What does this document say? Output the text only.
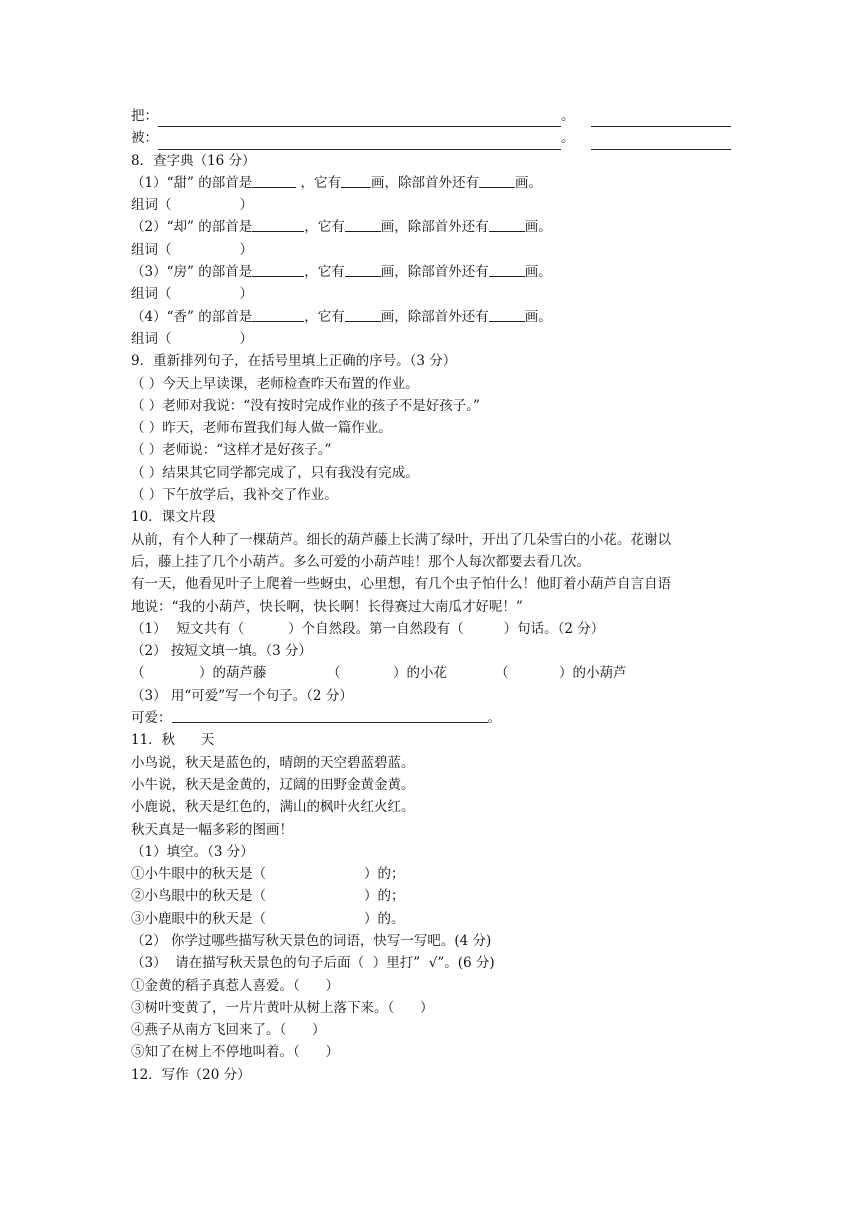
把：	。
被：	。
8．查字典（16 分）
（1）“甜” 的部首是	，它有 画，除部首外还有	画。
组词（	）
（2）“却” 的部首是	，它有	画，除部首外还有	画。
组词（	）
（3）“房” 的部首是	，它有	画，除部首外还有	画。
组词（	）
（4）“香” 的部首是	，它有	画，除部首外还有	画。
组词（	）
9．重新排列句子，在括号里填上正确的序号。（3 分）
（ ）今天上早读课，老师检查昨天布置的作业。
（ ）老师对我说：“没有按时完成作业的孩子不是好孩子。”
（ ）昨天，老师布置我们每人做一篇作业。
（ ）老师说：“这样才是好孩子。”
（ ）结果其它同学都完成了，只有我没有完成。
（ ）下午放学后，我补交了作业。
10．课文片段
从前，有个人种了一棵葫芦。细长的葫芦藤上长满了绿叶，开出了几朵雪白的小花。花谢以
后，藤上挂了几个小葫芦。多么可爱的小葫芦哇！那个人每次都要去看几次。
有一天，他看见叶子上爬着一些蚜虫，心里想，有几个虫子怕什么！他盯着小葫芦自言自语
地说：“我的小葫芦，快长啊，快长啊！长得赛过大南瓜才好呢！”
（1） 短文共有（	）个自然段。第一自然段有（	）句话。（2 分）
（2） 按短文填一填。（3 分）
（	）的葫芦藤	（	）的小花	（	）的小葫芦
（3） 用“可爱”写一个句子。（2 分）
可爱：	。
11．秋      天
小鸟说，秋天是蓝色的，晴朗的天空碧蓝碧蓝。
小牛说，秋天是金黄的，辽阔的田野金黄金黄。
小鹿说，秋天是红色的，满山的枫叶火红火红。
秋天真是一幅多彩的图画！
（1）填空。（3 分）
①小牛眼中的秋天是（	）的；
②小鸟眼中的秋天是（	）的；
③小鹿眼中的秋天是（	）的。
（2） 你学过哪些描写秋天景色的词语，快写一写吧。(4 分)
（3）  请在描写秋天景色的句子后面（  ）里打”  √”。(6 分)
①金黄的稻子真惹人喜爱。（      ）
③树叶变黄了，一片片黄叶从树上落下来。（      ）
④燕子从南方飞回来了。（      ）
⑤知了在树上不停地叫着。（      ）
12．写作（20 分）
